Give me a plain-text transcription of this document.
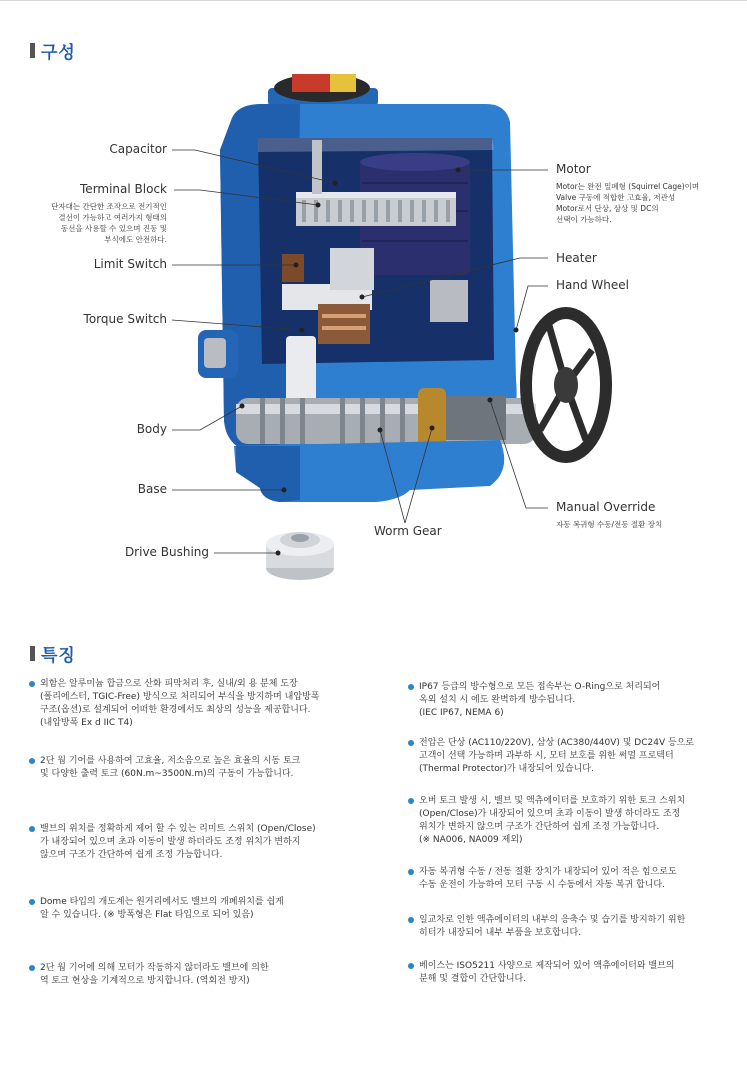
구성
Capacitor
Terminal Block
단자대는 간단한 조작으로 전기적인
결선이 가능하고 여러가지 형태의
동선을 사용할 수 있으며 진동 및
부식에도 안전하다.
Limit Switch
Torque Switch
Body
Base
Drive Bushing
Worm Gear
Motor
Motor는 완전 밀폐형 (Squirrel Cage)이며
Valve 구동에 적합한 고효율, 저관성
Motor로서 단상, 삼상 및 DC의
선택이 가능하다.
Heater
Hand Wheel
Manual Override
자동 복귀형 수동/전동 절환 장치
특징

외함은 알루미늄 합금으로 산화 피막처리 후, 실내/외 용 분체 도장

(폴리에스터, TGIC-Free) 방식으로 처리되어 부식을 방지하며 내압방폭

구조(옵션)로 설계되어 어떠한 환경에서도 최상의 성능을 제공합니다.

(내압방폭 Ex d IIC T4)

2단 웜 기어를 사용하여 고효율, 저소음으로 높은 효율의 시동 토크

및 다양한 출력 토크 (60N.m~3500N.m)의 구동이 가능합니다.

밸브의 위치를 정확하게 제어 할 수 있는 리미트 스위치 (Open/Close)

가 내장되어 있으며 초과 이동이 발생 하더라도 조정 위치가 변하지

않으며 구조가 간단하여 쉽게 조정 가능합니다.

Dome 타입의 개도계는 원거리에서도 밸브의 개폐위치를 쉽게

알 수 있습니다. (※ 방폭형은 Flat 타입으로 되어 있음)

2단 웜 기어에 의해 모터가 작동하지 않더라도 밸브에 의한

역 토크 현상을 기계적으로 방지합니다. (역회전 방지)

IP67 등급의 방수형으로 모든 접속부는 O-Ring으로 처리되어

옥외 설치 시 에도 완벽하게 방수됩니다.

(IEC IP67, NEMA 6)

전압은 단상 (AC110/220V), 삼상 (AC380/440V) 및 DC24V 등으로

고객이 선택 가능하며 과부하 시, 모터 보호를 위한 써멀 프로텍터

(Thermal Protector)가 내장되어 있습니다.

오버 토크 발생 시, 밸브 및 액츄에이터를 보호하기 위한 토크 스위치

(Open/Close)가 내장되어 있으며 초과 이동이 발생 하더라도 조정

위치가 변하지 않으며 구조가 간단하여 쉽게 조정 가능합니다.

(※ NA006, NA009 제외)

자동 복귀형 수동 / 전동 절환 장치가 내장되어 있어 적은 힘으로도

수동 운전이 가능하여 모터 구동 시 수동에서 자동 복귀 합니다.

일교차로 인한 액츄에이터의 내부의 응축수 및 습기를 방지하기 위한

히터가 내장되어 내부 부품을 보호합니다.

베이스는 ISO5211 사양으로 제작되어 있어 액츄에이터와 밸브의

분해 및 결합이 간단합니다.
